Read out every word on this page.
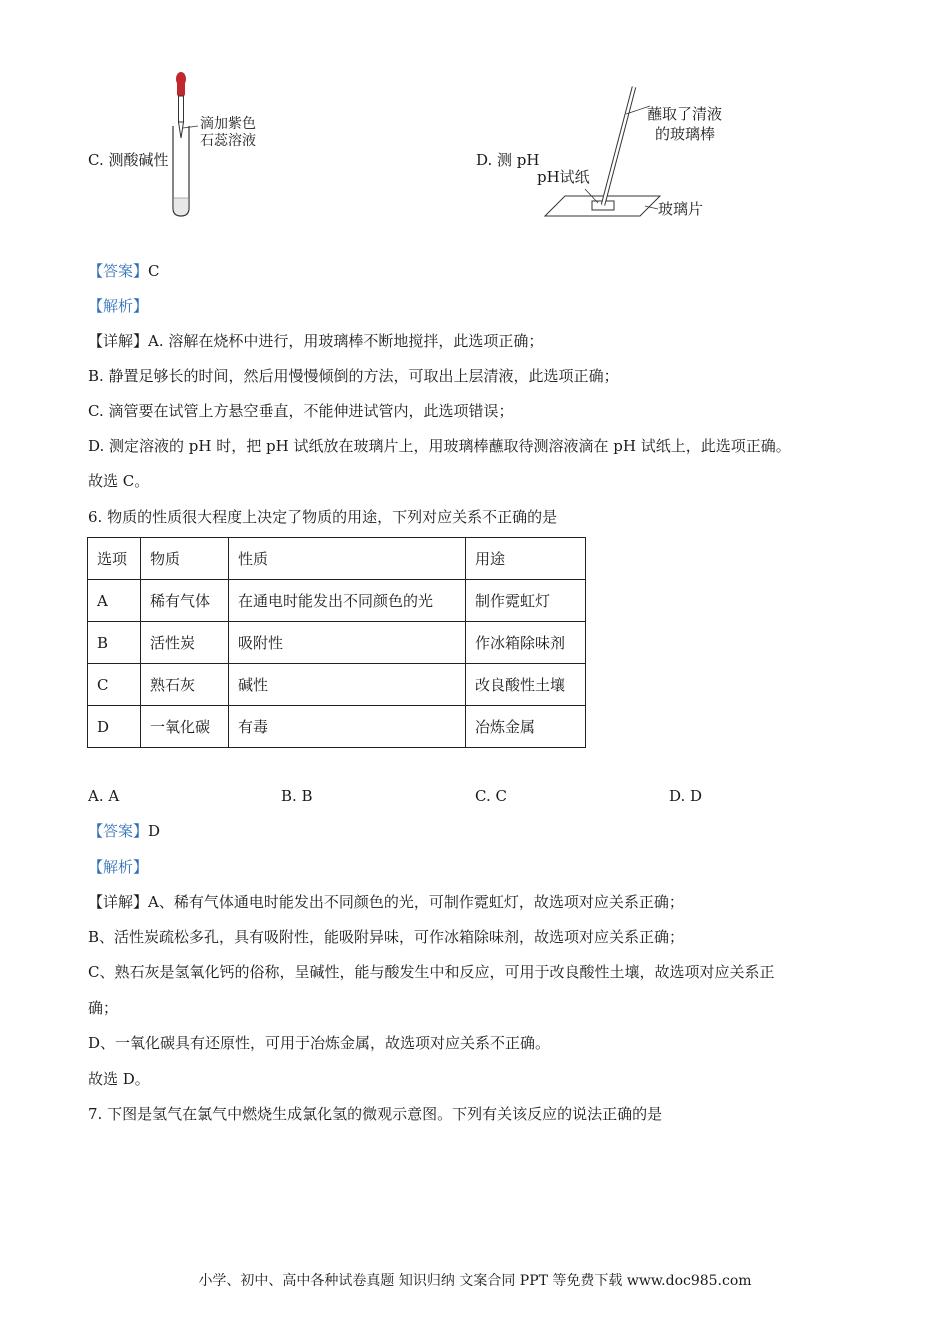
C. 测酸碱性
滴加紫色
石蕊溶液
D. 测 pH
蘸取了清液
的玻璃棒
pH试纸
玻璃片
【答案】C
【解析】
【详解】A. 溶解在烧杯中进行，用玻璃棒不断地搅拌，此选项正确；
B. 静置足够长的时间，然后用慢慢倾倒的方法，可取出上层清液，此选项正确；
C. 滴管要在试管上方悬空垂直，不能伸进试管内，此选项错误；
D. 测定溶液的 pH 时，把 pH 试纸放在玻璃片上，用玻璃棒蘸取待测溶液滴在 pH 试纸上，此选项正确。
故选 C。
6. 物质的性质很大程度上决定了物质的用途，下列对应关系不正确的是
选项	物质	性质	用途
A	稀有气体	在通电时能发出不同颜色的光	制作霓虹灯
B	活性炭	吸附性	作冰箱除味剂
C	熟石灰	碱性	改良酸性土壤
D	一氧化碳	有毒	冶炼金属
A. A	B. B	C. C	D. D
【答案】D
【解析】
【详解】A、稀有气体通电时能发出不同颜色的光，可制作霓虹灯，故选项对应关系正确；
B、活性炭疏松多孔，具有吸附性，能吸附异味，可作冰箱除味剂，故选项对应关系正确；
C、熟石灰是氢氧化钙的俗称，呈碱性，能与酸发生中和反应，可用于改良酸性土壤，故选项对应关系正
确；
D、一氧化碳具有还原性，可用于冶炼金属，故选项对应关系不正确。
故选 D。
7. 下图是氢气在氯气中燃烧生成氯化氢的微观示意图。下列有关该反应的说法正确的是
小学、初中、高中各种试卷真题 知识归纳 文案合同 PPT 等免费下载 www.doc985.com
